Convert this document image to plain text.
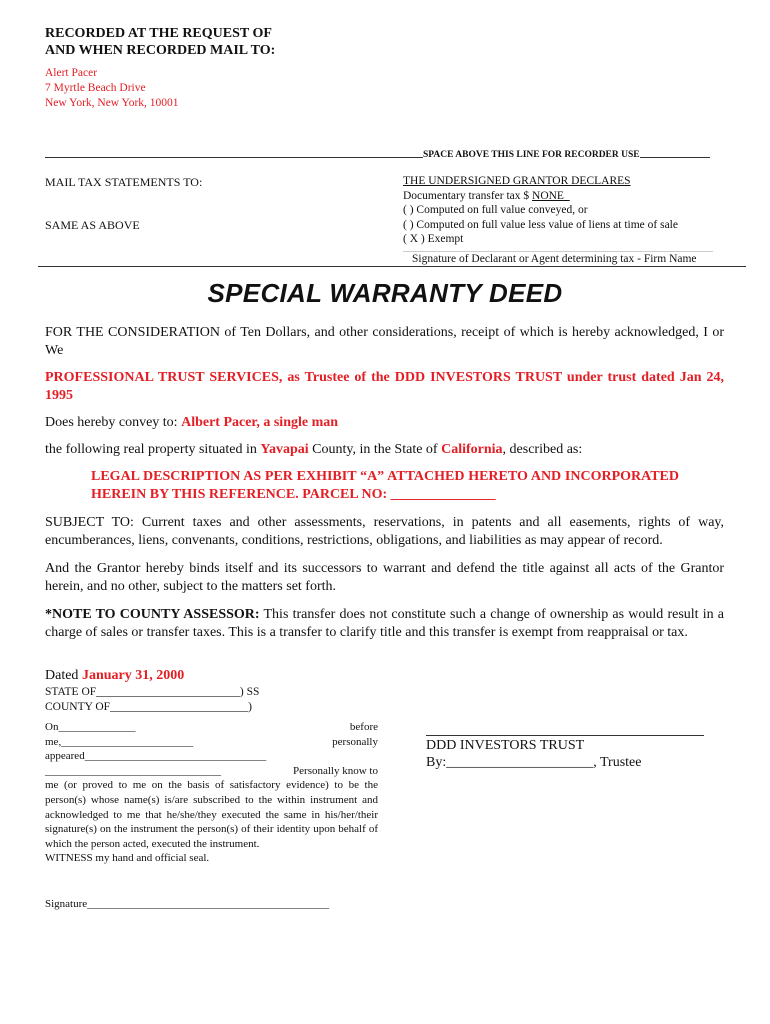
RECORDED AT THE REQUEST OF
AND WHEN RECORDED MAIL TO:
Alert Pacer
7 Myrtle Beach Drive
New York, New York, 10001
SPACE ABOVE THIS LINE FOR RECORDER USE
MAIL TAX STATEMENTS TO:
SAME AS ABOVE
THE UNDERSIGNED GRANTOR DECLARES
Documentary transfer tax $ NONE
( ) Computed on full value conveyed, or
( ) Computed on full value less value of liens at time of sale
( X ) Exempt
Signature of Declarant or Agent determining tax - Firm Name
SPECIAL WARRANTY DEED
FOR THE CONSIDERATION of Ten Dollars, and other considerations, receipt of which is hereby acknowledged, I or We
PROFESSIONAL TRUST SERVICES, as Trustee of the DDD INVESTORS TRUST under trust dated Jan 24, 1995
Does hereby convey to: Albert Pacer, a single man
the following real property situated in Yavapai County, in the State of California, described as:
LEGAL DESCRIPTION AS PER EXHIBIT “A” ATTACHED HERETO AND INCORPORATED HEREIN BY THIS REFERENCE. PARCEL NO: _______________
SUBJECT TO: Current taxes and other assessments, reservations, in patents and all easements, rights of way, encumberances, liens, convenants, conditions, restrictions, obligations, and liabilities as may appear of record.
And the Grantor hereby binds itself and its successors to warrant and defend the title against all acts of the Grantor herein, and no other, subject to the matters set forth.
*NOTE TO COUNTY ASSESSOR: This transfer does not constitute such a change of ownership as would result in a charge of sales or transfer taxes. This is a transfer to clarify title and this transfer is exempt from reappraisal or tax.
Dated January 31, 2000
STATE OF_________________________) SS
COUNTY OF________________________)
On______________	before
me,________________________	personally
appeared_________________________________
________________________________	Personally know to
me (or proved to me on the basis of satisfactory evidence) to be the person(s) whose name(s) is/are subscribed to the within instrument and acknowledged to me that he/she/they executed the same in his/her/their signature(s) on the instrument the person(s) of their identity upon behalf of which the person acted, executed the instrument.
WITNESS my hand and official seal.
Signature____________________________________________
DDD INVESTORS TRUST
By:_____________________, Trustee
